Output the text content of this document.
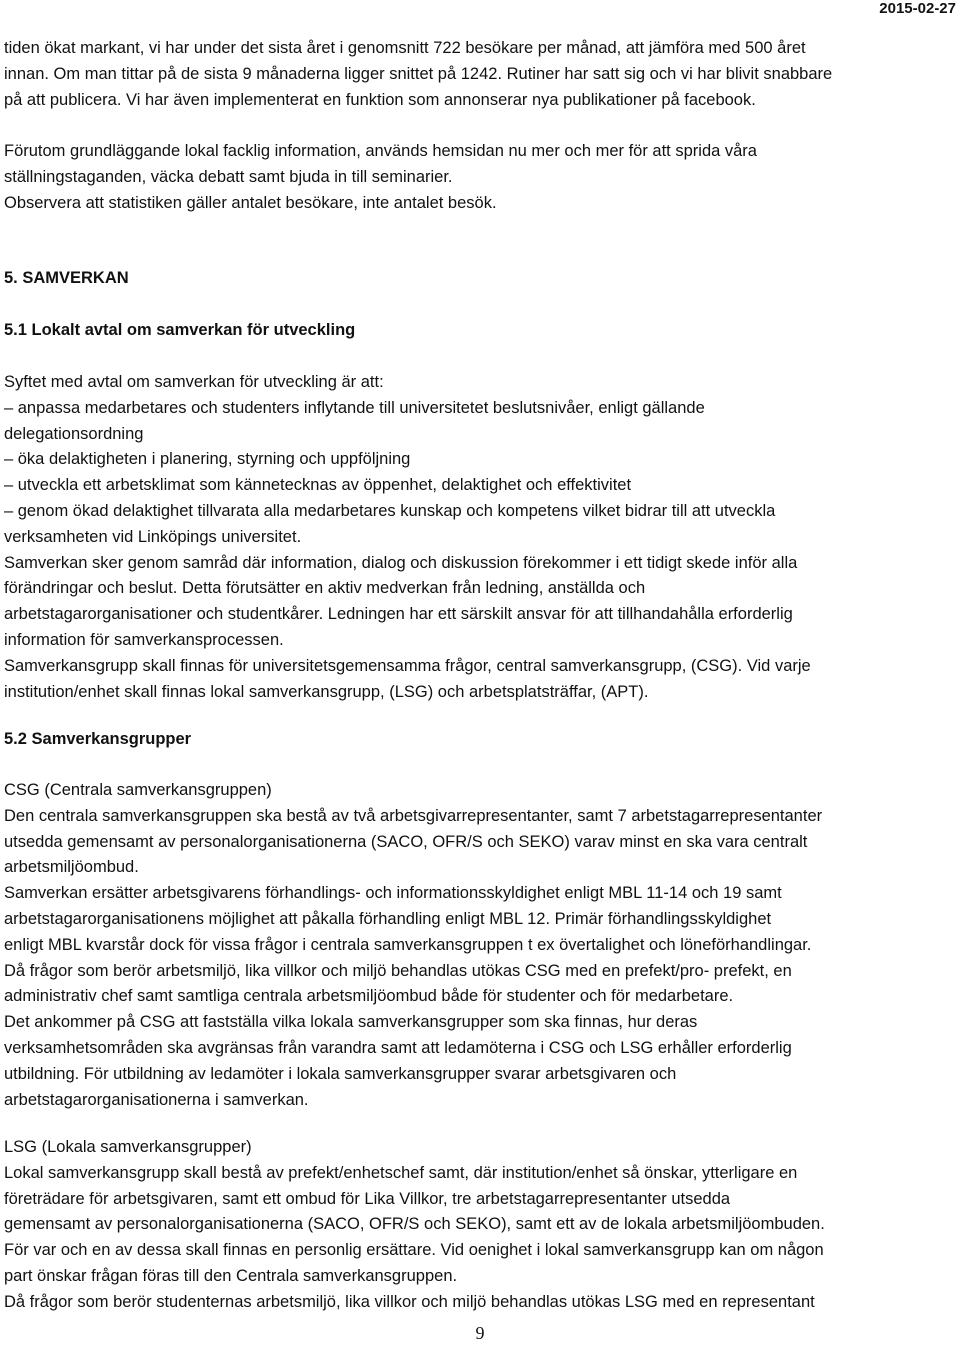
2015-02-27
tiden ökat markant, vi har under det sista året i genomsnitt 722 besökare per månad, att jämföra med 500 året
innan. Om man tittar på de sista 9 månaderna ligger snittet på 1242. Rutiner har satt sig och vi har blivit snabbare
på att publicera. Vi har även implementerat en funktion som annonserar nya publikationer på facebook.
Förutom grundläggande lokal facklig information, används hemsidan nu mer och mer för att sprida våra
ställningstaganden, väcka debatt samt bjuda in till seminarier.
Observera att statistiken gäller antalet besökare, inte antalet besök.
5. SAMVERKAN
5.1 Lokalt avtal om samverkan för utveckling
Syftet med avtal om samverkan för utveckling är att:
– anpassa medarbetares och studenters inflytande till universitetet beslutsnivåer, enligt gällande
delegationsordning
– öka delaktigheten i planering, styrning och uppföljning
– utveckla ett arbetsklimat som kännetecknas av öppenhet, delaktighet och effektivitet
– genom ökad delaktighet tillvarata alla medarbetares kunskap och kompetens vilket bidrar till att utveckla
verksamheten vid Linköpings universitet.
Samverkan sker genom samråd där information, dialog och diskussion förekommer i ett tidigt skede inför alla
förändringar och beslut. Detta förutsätter en aktiv medverkan från ledning, anställda och
arbetstagarorganisationer och studentkårer. Ledningen har ett särskilt ansvar för att tillhandahålla erforderlig
information för samverkansprocessen.
Samverkansgrupp skall finnas för universitetsgemensamma frågor, central samverkansgrupp, (CSG). Vid varje
institution/enhet skall finnas lokal samverkansgrupp, (LSG) och arbetsplatsträffar, (APT).
5.2 Samverkansgrupper
CSG (Centrala samverkansgruppen)
Den centrala samverkansgruppen ska bestå av två arbetsgivarrepresentanter, samt 7 arbetstagarrepresentanter
utsedda gemensamt av personalorganisationerna (SACO, OFR/S och SEKO) varav minst en ska vara centralt
arbetsmiljöombud.
Samverkan ersätter arbetsgivarens förhandlings- och informationsskyldighet enligt MBL 11-14 och 19 samt
arbetstagarorganisationens möjlighet att påkalla förhandling enligt MBL 12. Primär förhandlingsskyldighet
enligt MBL kvarstår dock för vissa frågor i centrala samverkansgruppen t ex övertalighet och löneförhandlingar.
Då frågor som berör arbetsmiljö, lika villkor och miljö behandlas utökas CSG med en prefekt/pro- prefekt, en
administrativ chef samt samtliga centrala arbetsmiljöombud både för studenter och för medarbetare.
Det ankommer på CSG att fastställa vilka lokala samverkansgrupper som ska finnas, hur deras
verksamhetsområden ska avgränsas från varandra samt att ledamöterna i CSG och LSG erhåller erforderlig
utbildning. För utbildning av ledamöter i lokala samverkansgrupper svarar arbetsgivaren och
arbetstagarorganisationerna i samverkan.
LSG (Lokala samverkansgrupper)
Lokal samverkansgrupp skall bestå av prefekt/enhetschef samt, där institution/enhet så önskar, ytterligare en
företrädare för arbetsgivaren, samt ett ombud för Lika Villkor, tre arbetstagarrepresentanter utsedda
gemensamt av personalorganisationerna (SACO, OFR/S och SEKO), samt ett av de lokala arbetsmiljöombuden.
För var och en av dessa skall finnas en personlig ersättare. Vid oenighet i lokal samverkansgrupp kan om någon
part önskar frågan föras till den Centrala samverkansgruppen.
Då frågor som berör studenternas arbetsmiljö, lika villkor och miljö behandlas utökas LSG med en representant
9
